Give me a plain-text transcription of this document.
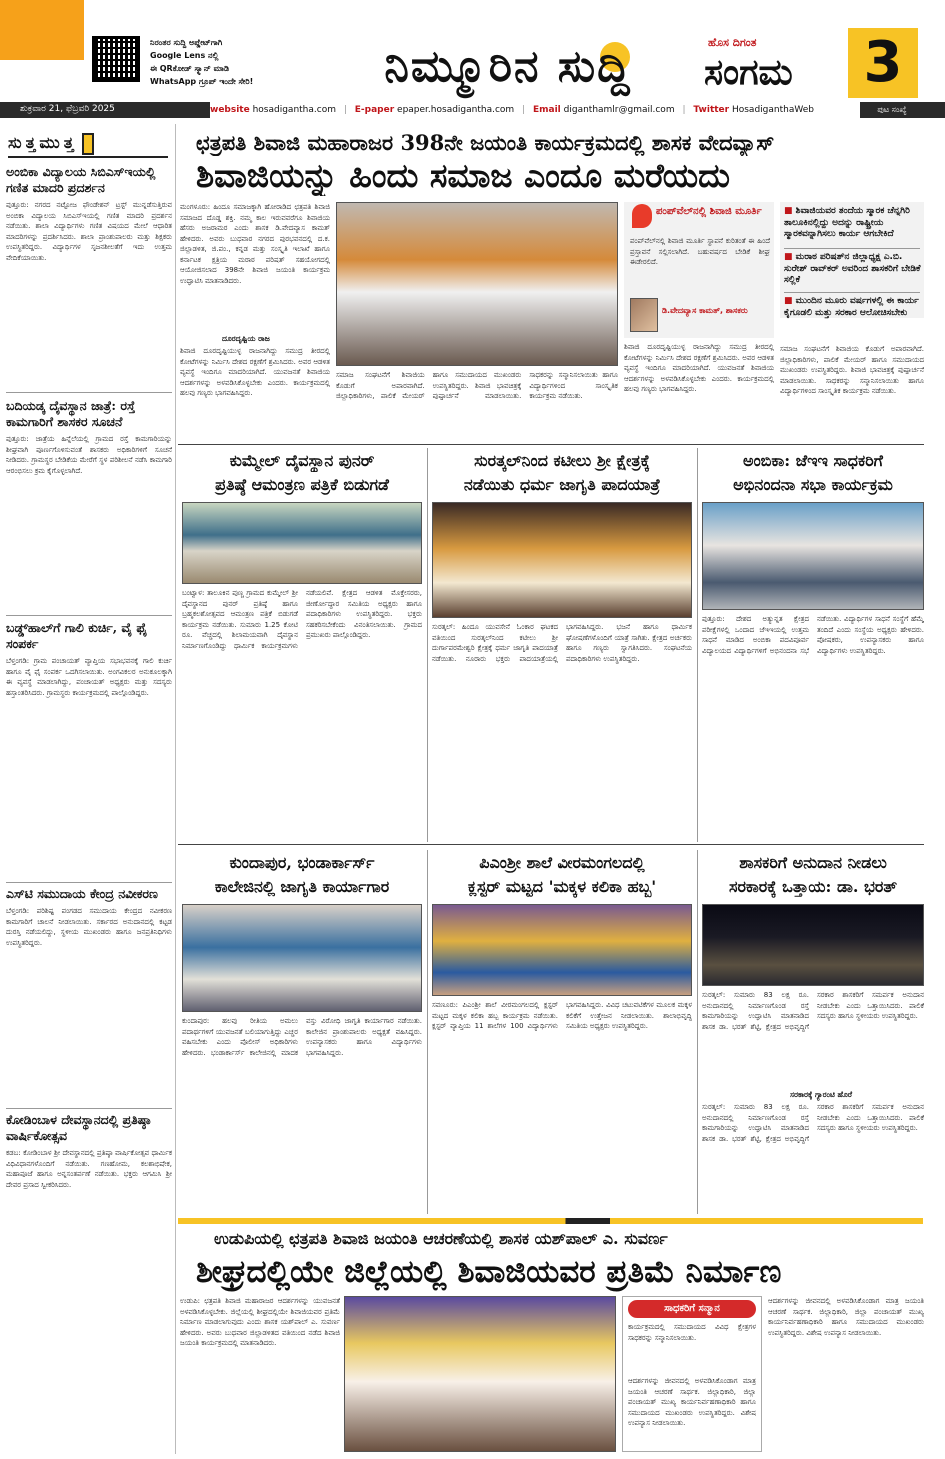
ನಿರಂತರ ಸುದ್ದಿ ಅಪ್ಡೇಟ್‌ಗಾಗಿ
Google Lens ನಲ್ಲಿ
ಈ QRಕೋಡ್ ಸ್ಕ್ಯಾನ್ ಮಾಡಿ
WhatsApp ಗ್ರೂಪ್ ಇಂದೇ ಸೇರಿ!	ನಿಮ್ಮೂರಿನ ಸುದ್ದಿ	ಹೊಸ ದಿಗಂತ
ಸಂಗಮ 3
ಶುಕ್ರವಾರ 21, ಫೆಬ್ರವರಿ 2025	website hosadigantha.com | E-paper epaper.hosadigantha.com | Email diganthamlr@gmail.com | Twitter HosadiganthaWeb	ಪುಟ ಸಂಖ್ಯೆ
ಸುತ್ತಮುತ್ತ
ಅಂಬಿಕಾ ವಿದ್ಯಾಲಯ ಸಿಬಿಎಸ್‌ಇಯಲ್ಲಿ ಗಣಿತ ಮಾದರಿ ಪ್ರದರ್ಶನ
ಪುತ್ತೂರು: ನಗರದ ನಟ್ಟೋಜ ಫೌಂಡೇಶನ್ ಟ್ರಸ್ಟ್ ಮುನ್ನಡೆಸುತ್ತಿರುವ ಅಂಬಿಕಾ ವಿದ್ಯಾಲಯ ಸಿಬಿಎಸ್‌ಇಯಲ್ಲಿ ಗಣಿತ ಮಾದರಿ ಪ್ರದರ್ಶನ ನಡೆಯಿತು. ಶಾಲಾ ವಿದ್ಯಾರ್ಥಿಗಳು ಗಣಿತ ವಿಷಯದ ಮೇಲೆ ಆಧಾರಿತ ಮಾದರಿಗಳನ್ನು ಪ್ರದರ್ಶಿಸಿದರು. ಶಾಲಾ ಪ್ರಾಂಶುಪಾಲರು ಮತ್ತು ಶಿಕ್ಷಕರು ಉಪಸ್ಥಿತರಿದ್ದರು. ವಿದ್ಯಾರ್ಥಿಗಳ ಸೃಜನಶೀಲತೆಗೆ ಇದು ಉತ್ತಮ ವೇದಿಕೆಯಾಯಿತು.
ಬದಿಯಡ್ಕ ದೈವಸ್ಥಾನ ಜಾತ್ರೆ: ರಸ್ತೆ ಕಾಮಗಾರಿಗೆ ಶಾಸಕರ ಸೂಚನೆ
ಪುತ್ತೂರು: ಜಾತ್ರೆಯ ಹಿನ್ನೆಲೆಯಲ್ಲಿ ಗ್ರಾಮದ ರಸ್ತೆ ಕಾಮಗಾರಿಯನ್ನು ಶೀಘ್ರವಾಗಿ ಪೂರ್ಣಗೊಳಿಸುವಂತೆ ಶಾಸಕರು ಅಧಿಕಾರಿಗಳಿಗೆ ಸೂಚನೆ ನೀಡಿದರು. ಗ್ರಾಮಸ್ಥರ ಬೇಡಿಕೆಯ ಮೇರೆಗೆ ಸ್ಥಳ ಪರಿಶೀಲನೆ ನಡೆಸಿ ಕಾಮಗಾರಿ ಆರಂಭಿಸಲು ಕ್ರಮ ಕೈಗೊಳ್ಳಲಾಗಿದೆ.
ಬಡ್ಡ್‌ಹಾಲ್‌ಗೆ ಗಾಲಿ ಕುರ್ಚಿ, ವೈ ಫೈ ಸಂಪರ್ಕ
ಬೆಳ್ತಂಗಡಿ: ಗ್ರಾಮ ಪಂಚಾಯತ್ ವ್ಯಾಪ್ತಿಯ ಸಭಾಭವನಕ್ಕೆ ಗಾಲಿ ಕುರ್ಚಿ ಹಾಗೂ ವೈ ಫೈ ಸಂಪರ್ಕ ಒದಗಿಸಲಾಯಿತು. ಅಂಗವಿಕಲರ ಅನುಕೂಲಕ್ಕಾಗಿ ಈ ವ್ಯವಸ್ಥೆ ಮಾಡಲಾಗಿದ್ದು, ಪಂಚಾಯತ್ ಅಧ್ಯಕ್ಷರು ಮತ್ತು ಸದಸ್ಯರು ಹಸ್ತಾಂತರಿಸಿದರು. ಗ್ರಾಮಸ್ಥರು ಕಾರ್ಯಕ್ರಮದಲ್ಲಿ ಪಾಲ್ಗೊಂಡಿದ್ದರು.
ಎಸ್‌ಟಿ ಸಮುದಾಯ ಕೇಂದ್ರ ನವೀಕರಣ
ಬೆಳ್ತಂಗಡಿ: ಪರಿಶಿಷ್ಟ ಪಂಗಡದ ಸಮುದಾಯ ಕೇಂದ್ರದ ನವೀಕರಣ ಕಾಮಗಾರಿಗೆ ಚಾಲನೆ ನೀಡಲಾಯಿತು. ಸರ್ಕಾರದ ಅನುದಾನದಲ್ಲಿ ಕಟ್ಟಡ ದುರಸ್ತಿ ನಡೆಯಲಿದ್ದು, ಸ್ಥಳೀಯ ಮುಖಂಡರು ಹಾಗೂ ಜನಪ್ರತಿನಿಧಿಗಳು ಉಪಸ್ಥಿತರಿದ್ದರು.
ಕೋಡಿಂಬಾಳ ದೇವಸ್ಥಾನದಲ್ಲಿ ಪ್ರತಿಷ್ಠಾ ವಾರ್ಷಿಕೋತ್ಸವ
ಕಡಬ: ಕೋಡಿಂಬಾಳ ಶ್ರೀ ದೇವಸ್ಥಾನದಲ್ಲಿ ಪ್ರತಿಷ್ಠಾ ವಾರ್ಷಿಕೋತ್ಸವ ಧಾರ್ಮಿಕ ವಿಧಿವಿಧಾನಗಳೊಂದಿಗೆ ನಡೆಯಿತು. ಗಣಹೋಮ, ಕಲಶಾಭಿಷೇಕ, ಮಹಾಪೂಜೆ ಹಾಗೂ ಅನ್ನಸಂತರ್ಪಣೆ ನಡೆಯಿತು. ಭಕ್ತರು ಆಗಮಿಸಿ ಶ್ರೀ ದೇವರ ಪ್ರಸಾದ ಸ್ವೀಕರಿಸಿದರು.
ಛತ್ರಪತಿ ಶಿವಾಜಿ ಮಹಾರಾಜರ 398ನೇ ಜಯಂತಿ ಕಾರ್ಯಕ್ರಮದಲ್ಲಿ ಶಾಸಕ ವೇದವ್ಯಾಸ್
ಶಿವಾಜಿಯನ್ನು ಹಿಂದು ಸಮಾಜ ಎಂದೂ ಮರೆಯದು
ಮಂಗಳೂರು: ಹಿಂದೂ ಸಮಾಜಕ್ಕಾಗಿ ಹೋರಾಡಿದ ಛತ್ರಪತಿ ಶಿವಾಜಿ ಸಮಾಜದ ದೊಡ್ಡ ಶಕ್ತಿ. ನಮ್ಮ ಕಾಲ ಇರುವವರೆಗೂ ಶಿವಾಜಿಯ ಹೆಸರು ಅಜರಾಮರ ಎಂದು ಶಾಸಕ ಡಿ.ವೇದವ್ಯಾಸ ಕಾಮತ್ ಹೇಳಿದರು. ಅವರು ಬುಧವಾರ ನಗರದ ಪುರಭವನದಲ್ಲಿ ದ.ಕ. ಜಿಲ್ಲಾಡಳಿತ, ಜಿ.ಪಂ., ಕನ್ನಡ ಮತ್ತು ಸಂಸ್ಕೃತಿ ಇಲಾಖೆ ಹಾಗೂ ಕರ್ನಾಟಕ ಕ್ಷತ್ರಿಯ ಮರಾಠ ಪರಿಷತ್ ಸಹಯೋಗದಲ್ಲಿ ಆಯೋಜಿಸಲಾದ 398ನೇ ಶಿವಾಜಿ ಜಯಂತಿ ಕಾರ್ಯಕ್ರಮ ಉದ್ಘಾಟಿಸಿ ಮಾತನಾಡಿದರು.
ದೂರದೃಷ್ಟಿಯ ರಾಜ
ಶಿವಾಜಿ ದೂರದೃಷ್ಟಿಯುಳ್ಳ ರಾಜನಾಗಿದ್ದು ಸಮುದ್ರ ತೀರದಲ್ಲಿ ಕೋಟೆಗಳನ್ನು ನಿರ್ಮಿಸಿ ದೇಶದ ರಕ್ಷಣೆಗೆ ಶ್ರಮಿಸಿದರು. ಅವರ ಆಡಳಿತ ವ್ಯವಸ್ಥೆ ಇಂದಿಗೂ ಮಾದರಿಯಾಗಿದೆ. ಯುವಜನತೆ ಶಿವಾಜಿಯ ಆದರ್ಶಗಳನ್ನು ಅಳವಡಿಸಿಕೊಳ್ಳಬೇಕು ಎಂದರು. ಕಾರ್ಯಕ್ರಮದಲ್ಲಿ ಹಲವು ಗಣ್ಯರು ಭಾಗವಹಿಸಿದ್ದರು.
ಸಮಾಜ ಸಂಘಟನೆಗೆ ಶಿವಾಜಿಯ ಕೊಡುಗೆ ಅಪಾರವಾಗಿದೆ. ಜಿಲ್ಲಾಧಿಕಾರಿಗಳು, ಪಾಲಿಕೆ ಮೇಯರ್ ಹಾಗೂ ಸಮುದಾಯದ ಮುಖಂಡರು ಉಪಸ್ಥಿತರಿದ್ದರು. ಶಿವಾಜಿ ಭಾವಚಿತ್ರಕ್ಕೆ ಪುಷ್ಪಾರ್ಚನೆ ಮಾಡಲಾಯಿತು. ಸಾಧಕರನ್ನು ಸನ್ಮಾನಿಸಲಾಯಿತು ಹಾಗೂ ವಿದ್ಯಾರ್ಥಿಗಳಿಂದ ಸಾಂಸ್ಕೃತಿಕ ಕಾರ್ಯಕ್ರಮ ನಡೆಯಿತು.
ಪಂಪ್‌ವೆಲ್‌ನಲ್ಲಿ ಶಿವಾಜಿ ಮೂರ್ತಿ
ಪಂಪ್‌ವೆಲ್‌ನಲ್ಲಿ ಶಿವಾಜಿ ಮೂರ್ತಿ ಸ್ಥಾಪನೆ ಕುರಿತಂತೆ ಈ ಹಿಂದೆ ಪ್ರಸ್ತಾವನೆ ಸಲ್ಲಿಸಲಾಗಿದೆ. ಬಹುವರ್ಷದ ಬೇಡಿಕೆ ಶೀಘ್ರ ಈಡೇರಲಿದೆ.
ಡಿ.ವೇದವ್ಯಾಸ ಕಾಮತ್, ಶಾಸಕರು
ಶಿವಾಜಿ ದೂರದೃಷ್ಟಿಯುಳ್ಳ ರಾಜನಾಗಿದ್ದು ಸಮುದ್ರ ತೀರದಲ್ಲಿ ಕೋಟೆಗಳನ್ನು ನಿರ್ಮಿಸಿ ದೇಶದ ರಕ್ಷಣೆಗೆ ಶ್ರಮಿಸಿದರು. ಅವರ ಆಡಳಿತ ವ್ಯವಸ್ಥೆ ಇಂದಿಗೂ ಮಾದರಿಯಾಗಿದೆ. ಯುವಜನತೆ ಶಿವಾಜಿಯ ಆದರ್ಶಗಳನ್ನು ಅಳವಡಿಸಿಕೊಳ್ಳಬೇಕು ಎಂದರು. ಕಾರ್ಯಕ್ರಮದಲ್ಲಿ ಹಲವು ಗಣ್ಯರು ಭಾಗವಹಿಸಿದ್ದರು.
■ ಶಿವಾಜಿಯವರ ತಂದೆಯ ಸ್ಮಾರಕ ಚೆನ್ನಗಿರಿ ತಾಲೂಕಿನಲ್ಲಿದ್ದು ಅದನ್ನು ರಾಷ್ಟ್ರೀಯ ಸ್ಮಾರಕವನ್ನಾಗಿಸಲು ಕಾರ್ಯ ಆಗಬೇಕಿದೆ
■ ಮರಾಠ ಪರಿಷತ್‌ನ ಜಿಲ್ಲಾಧ್ಯಕ್ಷ ಎ.ಬಿ. ಸುರೇಶ್ ರಾವ್‌ಕರ್ ಅವರಿಂದ ಶಾಸಕರಿಗೆ ಬೇಡಿಕೆ ಸಲ್ಲಿಕೆ
■ ಮುಂದಿನ ಮೂರು ವರ್ಷಗಳಲ್ಲಿ ಈ ಕಾರ್ಯ ಕೈಗೂಡಲಿ ಮತ್ತು ಸರಕಾರ ಆಲೋಚಿಸಬೇಕು
ಸಮಾಜ ಸಂಘಟನೆಗೆ ಶಿವಾಜಿಯ ಕೊಡುಗೆ ಅಪಾರವಾಗಿದೆ. ಜಿಲ್ಲಾಧಿಕಾರಿಗಳು, ಪಾಲಿಕೆ ಮೇಯರ್ ಹಾಗೂ ಸಮುದಾಯದ ಮುಖಂಡರು ಉಪಸ್ಥಿತರಿದ್ದರು. ಶಿವಾಜಿ ಭಾವಚಿತ್ರಕ್ಕೆ ಪುಷ್ಪಾರ್ಚನೆ ಮಾಡಲಾಯಿತು. ಸಾಧಕರನ್ನು ಸನ್ಮಾನಿಸಲಾಯಿತು ಹಾಗೂ ವಿದ್ಯಾರ್ಥಿಗಳಿಂದ ಸಾಂಸ್ಕೃತಿಕ ಕಾರ್ಯಕ್ರಮ ನಡೆಯಿತು.
ಕುಮ್ಮೇಲ್ ದೈವಸ್ಥಾನ ಪುನರ್
ಪ್ರತಿಷ್ಠೆ ಆಮಂತ್ರಣ ಪತ್ರಿಕೆ ಬಿಡುಗಡೆ
ಬಂಟ್ವಾಳ: ತಾಲೂಕಿನ ಪುಣ್ಚ ಗ್ರಾಮದ ಕುಮ್ಮೇಲ್ ಶ್ರೀ ದೈವಸ್ಥಾನದ ಪುನರ್ ಪ್ರತಿಷ್ಠೆ ಹಾಗೂ ಬ್ರಹ್ಮಕಲಶೋತ್ಸವದ ಆಮಂತ್ರಣ ಪತ್ರಿಕೆ ಬಿಡುಗಡೆ ಕಾರ್ಯಕ್ರಮ ನಡೆಯಿತು. ಸುಮಾರು 1.25 ಕೋಟಿ ರೂ. ವೆಚ್ಚದಲ್ಲಿ ಶಿಲಾಮಯವಾಗಿ ದೈವಸ್ಥಾನ ನಿರ್ಮಾಣಗೊಂಡಿದ್ದು ಧಾರ್ಮಿಕ ಕಾರ್ಯಕ್ರಮಗಳು ನಡೆಯಲಿವೆ. ಕ್ಷೇತ್ರದ ಆಡಳಿತ ಮೊಕ್ತೇಸರರು, ಜೀರ್ಣೋದ್ಧಾರ ಸಮಿತಿಯ ಅಧ್ಯಕ್ಷರು ಹಾಗೂ ಪದಾಧಿಕಾರಿಗಳು ಉಪಸ್ಥಿತರಿದ್ದರು. ಭಕ್ತರು ಸಹಕರಿಸಬೇಕೆಂದು ವಿನಂತಿಸಲಾಯಿತು. ಗ್ರಾಮದ ಪ್ರಮುಖರು ಪಾಲ್ಗೊಂಡಿದ್ದರು.
ಸುರತ್ಕಲ್‌ನಿಂದ ಕಟೀಲು ಶ್ರೀ ಕ್ಷೇತ್ರಕ್ಕೆ
ನಡೆಯಿತು ಧರ್ಮ ಜಾಗೃತಿ ಪಾದಯಾತ್ರೆ
ಸುರತ್ಕಲ್: ಹಿಂದೂ ಯುವಸೇನೆ ಓಂಕಾರ ಘಟಕದ ವತಿಯಿಂದ ಸುರತ್ಕಲ್‌ನಿಂದ ಕಟೀಲು ಶ್ರೀ ದುರ್ಗಾಪರಮೇಶ್ವರಿ ಕ್ಷೇತ್ರಕ್ಕೆ ಧರ್ಮ ಜಾಗೃತಿ ಪಾದಯಾತ್ರೆ ನಡೆಯಿತು. ನೂರಾರು ಭಕ್ತರು ಪಾದಯಾತ್ರೆಯಲ್ಲಿ ಭಾಗವಹಿಸಿದ್ದರು. ಭಜನೆ ಹಾಗೂ ಧಾರ್ಮಿಕ ಘೋಷಣೆಗಳೊಂದಿಗೆ ಯಾತ್ರೆ ಸಾಗಿತು. ಕ್ಷೇತ್ರದ ಅರ್ಚಕರು ಹಾಗೂ ಗಣ್ಯರು ಸ್ವಾಗತಿಸಿದರು. ಸಂಘಟನೆಯ ಪದಾಧಿಕಾರಿಗಳು ಉಪಸ್ಥಿತರಿದ್ದರು.
ಅಂಬಿಕಾ: ಜೆಇಇ ಸಾಧಕರಿಗೆ
ಅಭಿನಂದನಾ ಸಭಾ ಕಾರ್ಯಕ್ರಮ
ಪುತ್ತೂರು: ದೇಶದ ಅತ್ಯುನ್ನತ ಕ್ಷೇತ್ರದ ಪರೀಕ್ಷೆಗಳಲ್ಲಿ ಒಂದಾದ ಜೆಇಇಯಲ್ಲಿ ಉತ್ತಮ ಸಾಧನೆ ಮಾಡಿದ ಅಂಬಿಕಾ ಪದವಿಪೂರ್ವ ವಿದ್ಯಾಲಯದ ವಿದ್ಯಾರ್ಥಿಗಳಿಗೆ ಅಭಿನಂದನಾ ಸಭೆ ನಡೆಯಿತು. ವಿದ್ಯಾರ್ಥಿಗಳ ಸಾಧನೆ ಸಂಸ್ಥೆಗೆ ಹೆಮ್ಮೆ ತಂದಿದೆ ಎಂದು ಸಂಸ್ಥೆಯ ಅಧ್ಯಕ್ಷರು ಹೇಳಿದರು. ಪೋಷಕರು, ಉಪನ್ಯಾಸಕರು ಹಾಗೂ ವಿದ್ಯಾರ್ಥಿಗಳು ಉಪಸ್ಥಿತರಿದ್ದರು.
ಕುಂದಾಪುರ, ಭಂಡಾರ್ಕಾರ್ಸ್
ಕಾಲೇಜಿನಲ್ಲಿ ಜಾಗೃತಿ ಕಾರ್ಯಾಗಾರ
ಕುಂದಾಪುರ: ಹಲವು ರೀತಿಯ ಅಮಲು ಪದಾರ್ಥಗಳಿಗೆ ಯುವಜನತೆ ಬಲಿಯಾಗುತ್ತಿದ್ದು ಎಚ್ಚರ ವಹಿಸಬೇಕು ಎಂದು ಪೊಲೀಸ್ ಅಧಿಕಾರಿಗಳು ಹೇಳಿದರು. ಭಂಡಾರ್ಕಾರ್ಸ್ ಕಾಲೇಜಿನಲ್ಲಿ ಮಾದಕ ವಸ್ತು ವಿರೋಧಿ ಜಾಗೃತಿ ಕಾರ್ಯಾಗಾರ ನಡೆಯಿತು. ಕಾಲೇಜಿನ ಪ್ರಾಂಶುಪಾಲರು ಅಧ್ಯಕ್ಷತೆ ವಹಿಸಿದ್ದರು. ಉಪನ್ಯಾಸಕರು ಹಾಗೂ ವಿದ್ಯಾರ್ಥಿಗಳು ಭಾಗವಹಿಸಿದ್ದರು.
ಪಿಎಂಶ್ರೀ ಶಾಲೆ ವೀರಮಂಗಲದಲ್ಲಿ
ಕ್ಲಸ್ಟರ್ ಮಟ್ಟದ 'ಮಕ್ಕಳ ಕಲಿಕಾ ಹಬ್ಬ'
ಸವಣೂರು: ಪಿಎಂಶ್ರೀ ಶಾಲೆ ವೀರಮಂಗಲದಲ್ಲಿ ಕ್ಲಸ್ಟರ್ ಮಟ್ಟದ ಮಕ್ಕಳ ಕಲಿಕಾ ಹಬ್ಬ ಕಾರ್ಯಕ್ರಮ ನಡೆಯಿತು. ಕ್ಲಸ್ಟರ್ ವ್ಯಾಪ್ತಿಯ 11 ಶಾಲೆಗಳ 100 ವಿದ್ಯಾರ್ಥಿಗಳು ಭಾಗವಹಿಸಿದ್ದರು. ವಿವಿಧ ಚಟುವಟಿಕೆಗಳ ಮೂಲಕ ಮಕ್ಕಳ ಕಲಿಕೆಗೆ ಉತ್ತೇಜನ ನೀಡಲಾಯಿತು. ಶಾಲಾಭಿವೃದ್ಧಿ ಸಮಿತಿಯ ಅಧ್ಯಕ್ಷರು ಉಪಸ್ಥಿತರಿದ್ದರು.
ಶಾಸಕರಿಗೆ ಅನುದಾನ ನೀಡಲು
ಸರಕಾರಕ್ಕೆ ಒತ್ತಾಯ: ಡಾ. ಭರತ್
ಸುರತ್ಕಲ್: ಸುಮಾರು 83 ಲಕ್ಷ ರೂ. ಅನುದಾನದಲ್ಲಿ ನಿರ್ಮಾಣಗೊಂಡ ರಸ್ತೆ ಕಾಮಗಾರಿಯನ್ನು ಉದ್ಘಾಟಿಸಿ ಮಾತನಾಡಿದ ಶಾಸಕ ಡಾ. ಭರತ್ ಶೆಟ್ಟಿ, ಕ್ಷೇತ್ರದ ಅಭಿವೃದ್ಧಿಗೆ ಸರಕಾರ ಶಾಸಕರಿಗೆ ಸಮರ್ಪಕ ಅನುದಾನ ನೀಡಬೇಕು ಎಂದು ಒತ್ತಾಯಿಸಿದರು. ಪಾಲಿಕೆ ಸದಸ್ಯರು ಹಾಗೂ ಸ್ಥಳೀಯರು ಉಪಸ್ಥಿತರಿದ್ದರು.
ಸರಕಾರಕ್ಕೆ ಗ್ಯಾರಂಟಿ ಹೊರೆ
ಸುರತ್ಕಲ್: ಸುಮಾರು 83 ಲಕ್ಷ ರೂ. ಅನುದಾನದಲ್ಲಿ ನಿರ್ಮಾಣಗೊಂಡ ರಸ್ತೆ ಕಾಮಗಾರಿಯನ್ನು ಉದ್ಘಾಟಿಸಿ ಮಾತನಾಡಿದ ಶಾಸಕ ಡಾ. ಭರತ್ ಶೆಟ್ಟಿ, ಕ್ಷೇತ್ರದ ಅಭಿವೃದ್ಧಿಗೆ ಸರಕಾರ ಶಾಸಕರಿಗೆ ಸಮರ್ಪಕ ಅನುದಾನ ನೀಡಬೇಕು ಎಂದು ಒತ್ತಾಯಿಸಿದರು. ಪಾಲಿಕೆ ಸದಸ್ಯರು ಹಾಗೂ ಸ್ಥಳೀಯರು ಉಪಸ್ಥಿತರಿದ್ದರು.
ಉಡುಪಿಯಲ್ಲಿ ಛತ್ರಪತಿ ಶಿವಾಜಿ ಜಯಂತಿ ಆಚರಣೆಯಲ್ಲಿ ಶಾಸಕ ಯಶ್‌ಪಾಲ್ ಎ. ಸುವರ್ಣ
ಶೀಘ್ರದಲ್ಲಿಯೇ ಜಿಲ್ಲೆಯಲ್ಲಿ ಶಿವಾಜಿಯವರ ಪ್ರತಿಮೆ ನಿರ್ಮಾಣ
ಉಡುಪಿ: ಛತ್ರಪತಿ ಶಿವಾಜಿ ಮಹಾರಾಜರ ಆದರ್ಶಗಳನ್ನು ಯುವಜನತೆ ಅಳವಡಿಸಿಕೊಳ್ಳಬೇಕು. ಜಿಲ್ಲೆಯಲ್ಲಿ ಶೀಘ್ರದಲ್ಲಿಯೇ ಶಿವಾಜಿಯವರ ಪ್ರತಿಮೆ ನಿರ್ಮಾಣ ಮಾಡಲಾಗುವುದು ಎಂದು ಶಾಸಕ ಯಶ್‌ಪಾಲ್ ಎ. ಸುವರ್ಣ ಹೇಳಿದರು. ಅವರು ಬುಧವಾರ ಜಿಲ್ಲಾಡಳಿತದ ವತಿಯಿಂದ ನಡೆದ ಶಿವಾಜಿ ಜಯಂತಿ ಕಾರ್ಯಕ್ರಮದಲ್ಲಿ ಮಾತನಾಡಿದರು.
ಸಾಧಕರಿಗೆ ಸನ್ಮಾನ
ಕಾರ್ಯಕ್ರಮದಲ್ಲಿ ಸಮುದಾಯದ ವಿವಿಧ ಕ್ಷೇತ್ರಗಳ ಸಾಧಕರನ್ನು ಸನ್ಮಾನಿಸಲಾಯಿತು.
ಆದರ್ಶಗಳನ್ನು ಜೀವನದಲ್ಲಿ ಅಳವಡಿಸಿಕೊಂಡಾಗ ಮಾತ್ರ ಜಯಂತಿ ಆಚರಣೆ ಸಾರ್ಥಕ. ಜಿಲ್ಲಾಧಿಕಾರಿ, ಜಿಲ್ಲಾ ಪಂಚಾಯತ್ ಮುಖ್ಯ ಕಾರ್ಯನಿರ್ವಹಣಾಧಿಕಾರಿ ಹಾಗೂ ಸಮುದಾಯದ ಮುಖಂಡರು ಉಪಸ್ಥಿತರಿದ್ದರು. ವಿಶೇಷ ಉಪನ್ಯಾಸ ನೀಡಲಾಯಿತು.
ಆದರ್ಶಗಳನ್ನು ಜೀವನದಲ್ಲಿ ಅಳವಡಿಸಿಕೊಂಡಾಗ ಮಾತ್ರ ಜಯಂತಿ ಆಚರಣೆ ಸಾರ್ಥಕ. ಜಿಲ್ಲಾಧಿಕಾರಿ, ಜಿಲ್ಲಾ ಪಂಚಾಯತ್ ಮುಖ್ಯ ಕಾರ್ಯನಿರ್ವಹಣಾಧಿಕಾರಿ ಹಾಗೂ ಸಮುದಾಯದ ಮುಖಂಡರು ಉಪಸ್ಥಿತರಿದ್ದರು. ವಿಶೇಷ ಉಪನ್ಯಾಸ ನೀಡಲಾಯಿತು.
